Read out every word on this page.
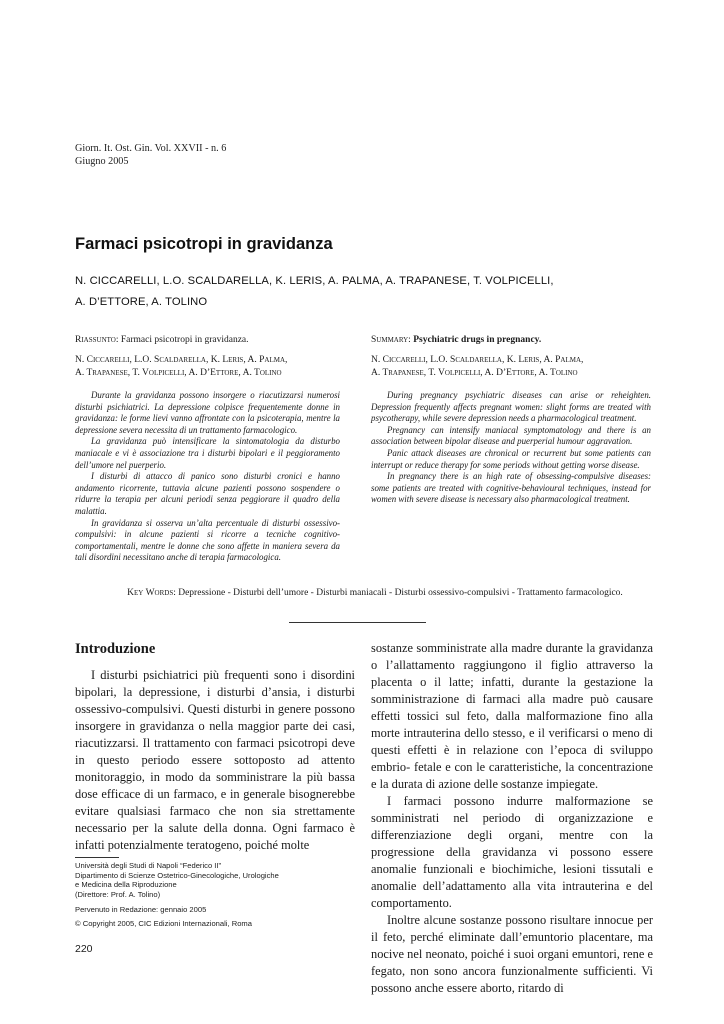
Giorn. It. Ost. Gin. Vol. XXVII - n. 6
Giugno 2005
Farmaci psicotropi in gravidanza
N. CICCARELLI, L.O. SCALDARELLA, K. LERIS, A. PALMA, A. TRAPANESE, T. VOLPICELLI,
A. D’ETTORE, A. TOLINO
Riassunto: Farmaci psicotropi in gravidanza.
N. Ciccarelli, L.O. Scaldarella, K. Leris, A. Palma,
A. Trapanese, T. Volpicelli, A. D’Ettore, A. Tolino

Durante la gravidanza possono insorgere o riacutizzarsi numerosi disturbi psichiatrici. La depressione colpisce frequentemente donne in gravidanza: le forme lievi vanno affrontate con la psicoterapia, mentre la depressione severa necessita di un trattamento farmacologico.

La gravidanza può intensificare la sintomatologia da disturbo maniacale e vi è associazione tra i disturbi bipolari e il peggioramento dell’umore nel puerperio.

I disturbi di attacco di panico sono disturbi cronici e hanno andamento ricorrente, tuttavia alcune pazienti possono sospendere o ridurre la terapia per alcuni periodi senza peggiorare il quadro della malattia.

In gravidanza si osserva un’alta percentuale di disturbi ossessivo-compulsivi: in alcune pazienti si ricorre a tecniche cognitivo-comportamentali, mentre le donne che sono affette in maniera severa da tali disordini necessitano anche di terapia farmacologica.

Summary: Psychiatric drugs in pregnancy.
N. Ciccarelli, L.O. Scaldarella, K. Leris, A. Palma,
A. Trapanese, T. Volpicelli, A. D’Ettore, A. Tolino

During pregnancy psychiatric diseases can arise or reheighten. Depression frequently affects pregnant women: slight forms are treated with psycotherapy, while severe depression needs a pharmacological treatment.

Pregnancy can intensify maniacal symptomatology and there is an association between bipolar disease and puerperial humour aggravation.

Panic attack diseases are chronical or recurrent but some patients can interrupt or reduce therapy for some periods without getting worse disease.

In pregnancy there is an high rate of obsessing-compulsive diseases: some patients are treated with cognitive-behavioural techniques, instead for women with severe disease is necessary also pharmacological treatment.

Key Words: Depressione - Disturbi dell’umore - Disturbi maniacali - Disturbi ossessivo-compulsivi - Trattamento farmacologico.
Introduzione

I disturbi psichiatrici più frequenti sono i disordini bipolari, la depressione, i disturbi d’ansia, i disturbi ossessivo-compulsivi. Questi disturbi in genere possono insorgere in gravidanza o nella maggior parte dei casi, riacutizzarsi. Il trattamento con farmaci psicotropi deve in questo periodo essere sottoposto ad attento monitoraggio, in modo da somministrare la più bassa dose efficace di un farmaco, e in generale bisognerebbe evitare qualsiasi farmaco che non sia strettamente necessario per la salute della donna. Ogni farmaco è infatti potenzialmente teratogeno, poiché molte

sostanze somministrate alla madre durante la gravidanza o l’allattamento raggiungono il figlio attraverso la placenta o il latte; infatti, durante la gestazione la somministrazione di farmaci alla madre può causare effetti tossici sul feto, dalla malformazione fino alla morte intrauterina dello stesso, e il verificarsi o meno di questi effetti è in relazione con l’epoca di sviluppo embrio- fetale e con le caratteristiche, la concentrazione e la durata di azione delle sostanze impiegate.

I farmaci possono indurre malformazione se somministrati nel periodo di organizzazione e differenziazione degli organi, mentre con la progressione della gravidanza vi possono essere anomalie funzionali e biochimiche, lesioni tissutali e anomalie dell’adattamento alla vita intrauterina e del comportamento.

Inoltre alcune sostanze possono risultare innocue per il feto, perché eliminate dall’emuntorio placentare, ma nocive nel neonato, poiché i suoi organi emuntori, rene e fegato, non sono ancora funzionalmente sufficienti. Vi possono anche essere aborto, ritardo di

Università degli Studi di Napoli “Federico II”
Dipartimento di Scienze Ostetrico-Ginecologiche, Urologiche
e Medicina della Riproduzione
(Direttore: Prof. A. Tolino)
Pervenuto in Redazione: gennaio 2005
© Copyright 2005, CIC Edizioni Internazionali, Roma
220
